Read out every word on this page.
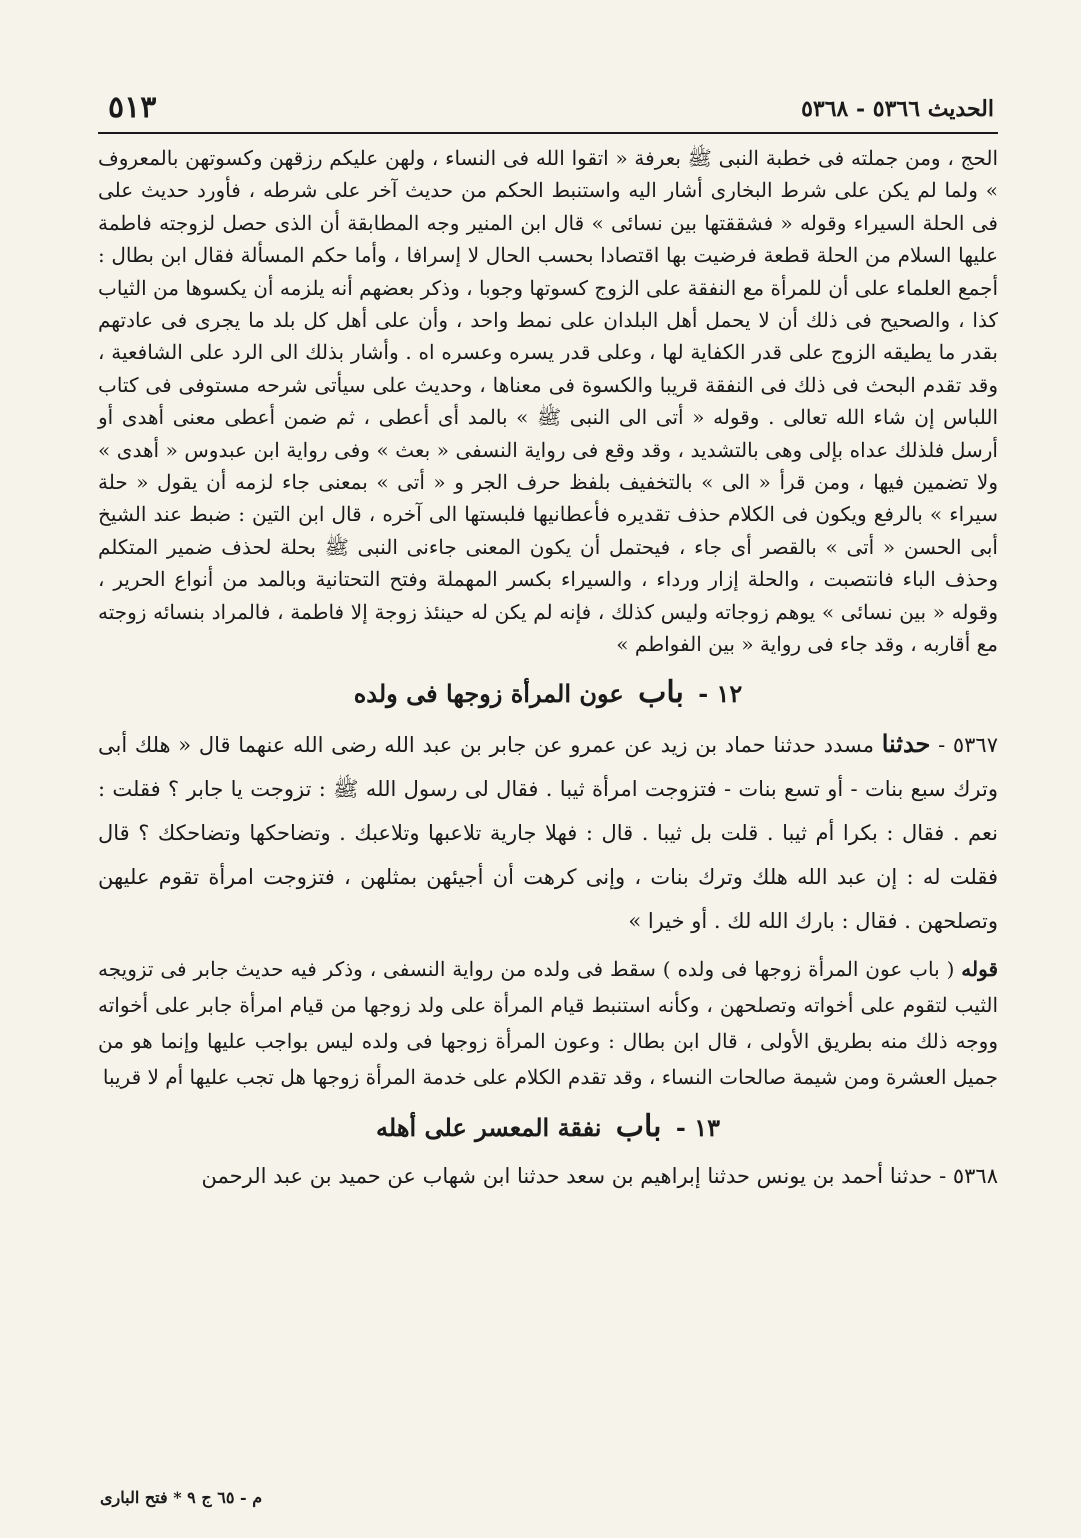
الحديث ٥٣٦٦ - ٥٣٦٨
٥١٣

الحج ، ومن جملته فى خطبة النبى ﷺ بعرفة « اتقوا الله فى النساء ، ولهن عليكم رزقهن وكسوتهن بالمعروف » ولما لم يكن على شرط البخارى أشار اليه واستنبط الحكم من حديث آخر على شرطه ، فأورد حديث على فى الحلة السيراء وقوله « فشققتها بين نسائى » قال ابن المنير وجه المطابقة أن الذى حصل لزوجته فاطمة عليها السلام من الحلة قطعة فرضيت بها اقتصادا بحسب الحال لا إسرافا ، وأما حكم المسألة فقال ابن بطال : أجمع العلماء على أن للمرأة مع النفقة على الزوج كسوتها وجوبا ، وذكر بعضهم أنه يلزمه أن يكسوها من الثياب كذا ، والصحيح فى ذلك أن لا يحمل أهل البلدان على نمط واحد ، وأن على أهل كل بلد ما يجرى فى عادتهم بقدر ما يطيقه الزوج على قدر الكفاية لها ، وعلى قدر يسره وعسره اه . وأشار بذلك الى الرد على الشافعية ، وقد تقدم البحث فى ذلك فى النفقة قريبا والكسوة فى معناها ، وحديث على سيأتى شرحه مستوفى فى كتاب اللباس إن شاء الله تعالى . وقوله « أتى الى النبى ﷺ » بالمد أى أعطى ، ثم ضمن أعطى معنى أهدى أو أرسل فلذلك عداه بإلى وهى بالتشديد ، وقد وقع فى رواية النسفى « بعث » وفى رواية ابن عبدوس « أهدى » ولا تضمين فيها ، ومن قرأ « الى » بالتخفيف بلفظ حرف الجر و « أتى » بمعنى جاء لزمه أن يقول « حلة سيراء » بالرفع ويكون فى الكلام حذف تقديره فأعطانيها فلبستها الى آخره ، قال ابن التين : ضبط عند الشيخ أبى الحسن « أتى » بالقصر أى جاء ، فيحتمل أن يكون المعنى جاءنى النبى ﷺ بحلة لحذف ضمير المتكلم وحذف الباء فانتصبت ، والحلة إزار ورداء ، والسيراء بكسر المهملة وفتح التحتانية وبالمد من أنواع الحرير ، وقوله « بين نسائى » يوهم زوجاته وليس كذلك ، فإنه لم يكن له حينئذ زوجة إلا فاطمة ، فالمراد بنسائه زوجته مع أقاربه ، وقد جاء فى رواية « بين الفواطم »

١٢ - باب عون المرأة زوجها فى ولده

٥٣٦٧ - حدثنا مسدد حدثنا حماد بن زيد عن عمرو عن جابر بن عبد الله رضى الله عنهما قال « هلك أبى وترك سبع بنات - أو تسع بنات - فتزوجت امرأة ثيبا . فقال لى رسول الله ﷺ : تزوجت يا جابر ؟ فقلت : نعم . فقال : بكرا أم ثيبا . قلت بل ثيبا . قال : فهلا جارية تلاعبها وتلاعبك . وتضاحكها وتضاحكك ؟ قال فقلت له : إن عبد الله هلك وترك بنات ، وإنى كرهت أن أجيئهن بمثلهن ، فتزوجت امرأة تقوم عليهن وتصلحهن . فقال : بارك الله لك . أو خيرا »

قوله ( باب عون المرأة زوجها فى ولده ) سقط فى ولده من رواية النسفى ، وذكر فيه حديث جابر فى تزويجه الثيب لتقوم على أخواته وتصلحهن ، وكأنه استنبط قيام المرأة على ولد زوجها من قيام امرأة جابر على أخواته ووجه ذلك منه بطريق الأولى ، قال ابن بطال : وعون المرأة زوجها فى ولده ليس بواجب عليها وإنما هو من جميل العشرة ومن شيمة صالحات النساء ، وقد تقدم الكلام على خدمة المرأة زوجها هل تجب عليها أم لا قريبا

١٣ - باب نفقة المعسر على أهله

٥٣٦٨ - حدثنا أحمد بن يونس حدثنا إبراهيم بن سعد حدثنا ابن شهاب عن حميد بن عبد الرحمن

م - ٦٥ ج ٩ * فتح البارى
